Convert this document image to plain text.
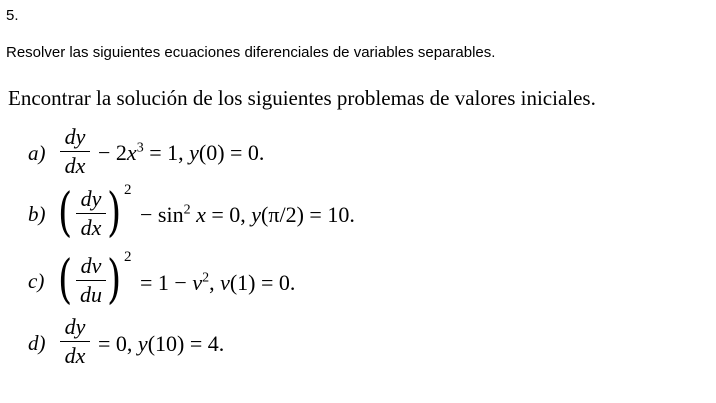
5.
Resolver las siguientes ecuaciones diferenciales de variables separables.
Encontrar la solución de los siguientes problemas de valores iniciales.
a)
dy
dx
− $2x^3 = 1$, y(0) = 0.
b) ( dy
dx ) 2
− $\sin^2 x = 0$, y(π/2) = 10.
c) ( dv
du ) 2
= $1 - v^2$, v(1) = 0.
d)
dy
dx = 0, y(10) = 4.
